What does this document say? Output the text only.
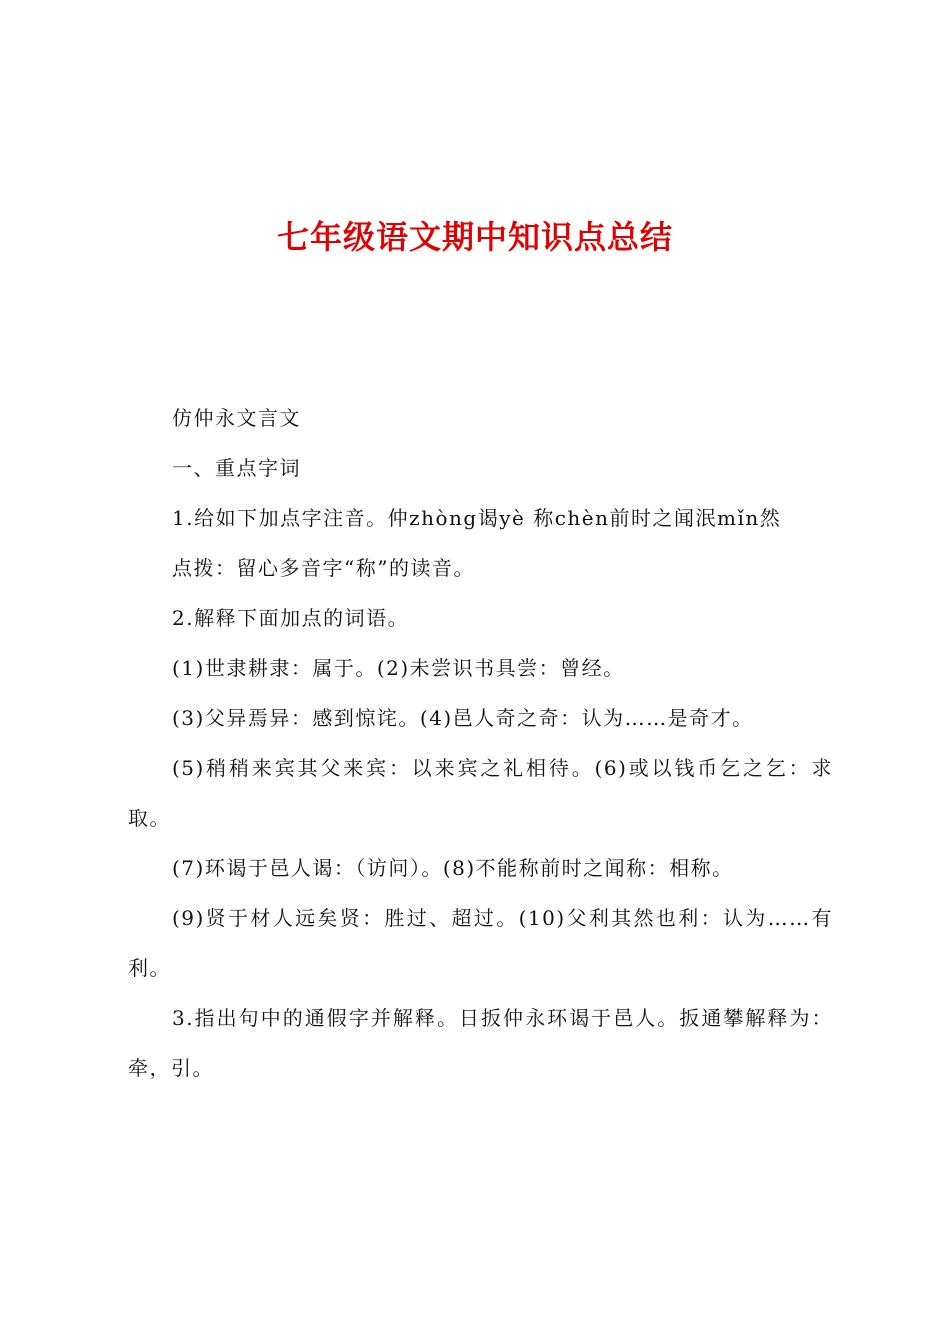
七年级语文期中知识点总结

仿仲永文言文

一、重点字词

1.给如下加点字注音。仲zhòng谒yè 称chèn前时之闻泯mǐn然

点拨：留心多音字“称”的读音。

2.解释下面加点的词语。

(1)世隶耕隶：属于。(2)未尝识书具尝：曾经。

(3)父异焉异：感到惊诧。(4)邑人奇之奇：认为……是奇才。

(5)稍稍来宾其父来宾：以来宾之礼相待。(6)或以钱币乞之乞：求取。

(7)环谒于邑人谒：（访问）。(8)不能称前时之闻称：相称。

(9)贤于材人远矣贤：胜过、超过。(10)父利其然也利：认为……有利。

3.指出句中的通假字并解释。日扳仲永环谒于邑人。扳通攀解释为：牵，引。
